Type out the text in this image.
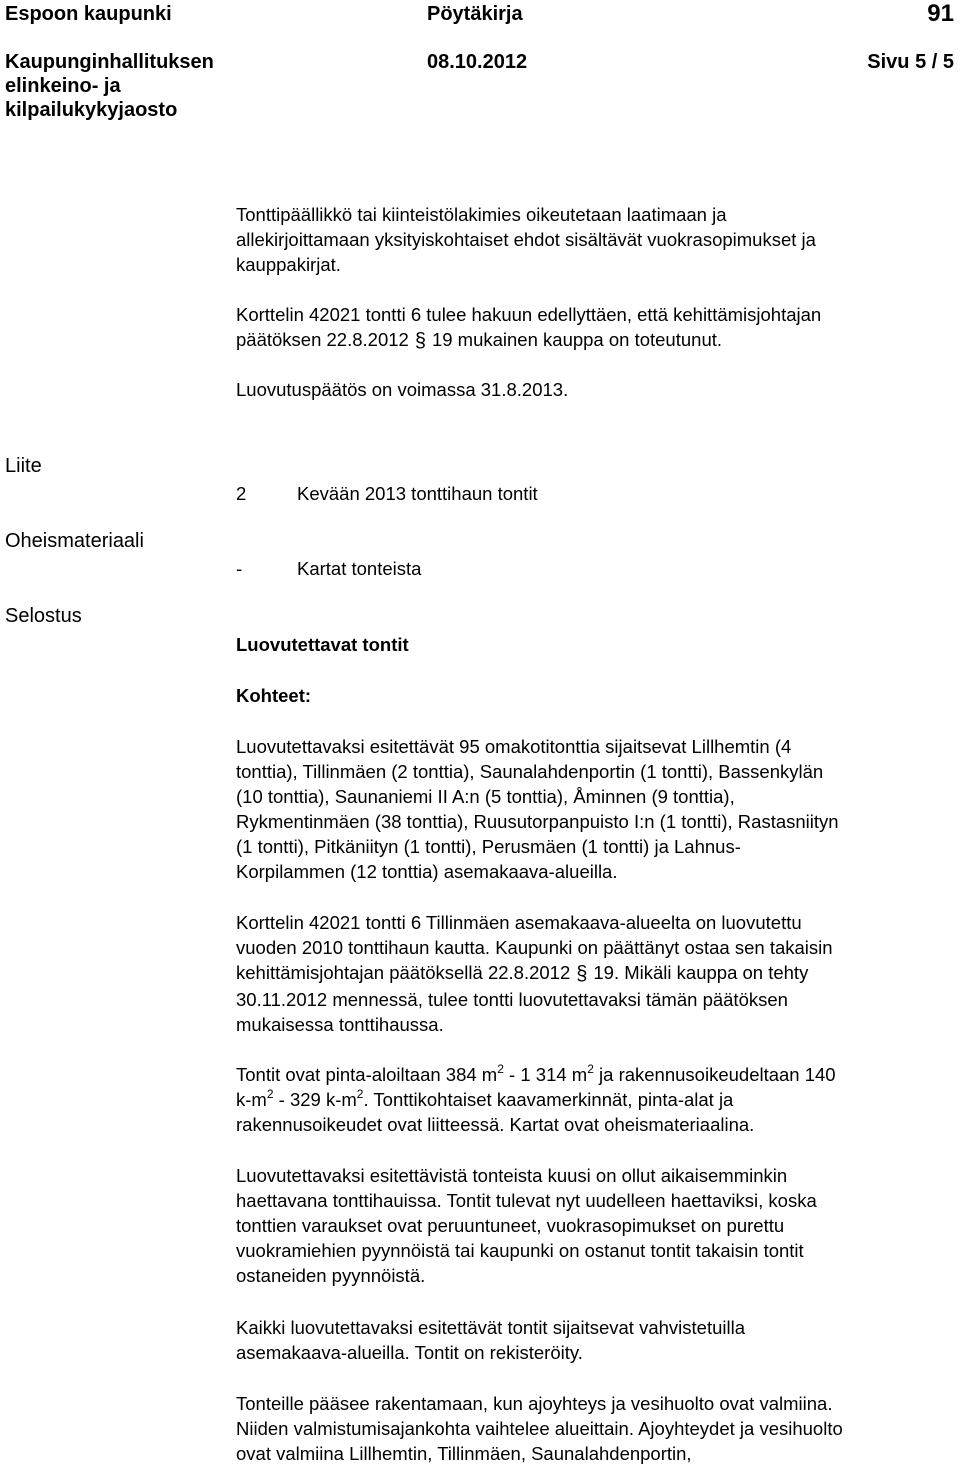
Espoon kaupunki	Pöytäkirja	91
Kaupunginhallituksen
elinkeino- ja
kilpailukykyjaosto
08.10.2012	Sivu 5 / 5
Tonttipäällikkö tai kiinteistölakimies oikeutetaan laatimaan ja
allekirjoittamaan yksityiskohtaiset ehdot sisältävät vuokrasopimukset ja
kauppakirjat.
Korttelin 42021 tontti 6 tulee hakuun edellyttäen, että kehittämisjohtajan
päätöksen 22.8.2012 § 19 mukainen kauppa on toteutunut.
Luovutuspäätös on voimassa 31.8.2013.
Liite
Oheismateriaali
Selostus
2	Kevään 2013 tonttihaun tontit
-	Kartat tonteista
Luovutettavat tontit
Kohteet:
Luovutettavaksi esitettävät 95 omakotitonttia sijaitsevat Lillhemtin (4
tonttia), Tillinmäen (2 tonttia), Saunalahdenportin (1 tontti), Bassenkylän
(10 tonttia), Saunaniemi II A:n (5 tonttia), Åminnen (9 tonttia),
Rykmentinmäen (38 tonttia), Ruusutorpanpuisto I:n (1 tontti), Rastasniityn
(1 tontti), Pitkäniityn (1 tontti), Perusmäen (1 tontti) ja Lahnus-
Korpilammen (12 tonttia) asemakaava-alueilla.
Korttelin 42021 tontti 6 Tillinmäen asemakaava-alueelta on luovutettu
vuoden 2010 tonttihaun kautta. Kaupunki on päättänyt ostaa sen takaisin
kehittämisjohtajan päätöksellä 22.8.2012 § 19. Mikäli kauppa on tehty
30.11.2012 mennessä, tulee tontti luovutettavaksi tämän päätöksen
mukaisessa tonttihaussa.
Tontit ovat pinta-aloiltaan 384 $m^2 - 1$ 314 $m^2$ ja rakennusoikeudeltaan 140
$k-m^2 - 329$ $k-m^2$. Tonttikohtaiset kaavamerkinnät, pinta-alat ja
rakennusoikeudet ovat liitteessä. Kartat ovat oheismateriaalina.
Luovutettavaksi esitettävistä tonteista kuusi on ollut aikaisemminkin
haettavana tonttihauissa. Tontit tulevat nyt uudelleen haettaviksi, koska
tonttien varaukset ovat peruuntuneet, vuokrasopimukset on purettu
vuokramiehien pyynnöistä tai kaupunki on ostanut tontit takaisin tontit
ostaneiden pyynnöistä.
Kaikki luovutettavaksi esitettävät tontit sijaitsevat vahvistetuilla
asemakaava-alueilla. Tontit on rekisteröity.
Tonteille pääsee rakentamaan, kun ajoyhteys ja vesihuolto ovat valmiina.
Niiden valmistumisajankohta vaihtelee alueittain. Ajoyhteydet ja vesihuolto
ovat valmiina Lillhemtin, Tillinmäen, Saunalahdenportin,
